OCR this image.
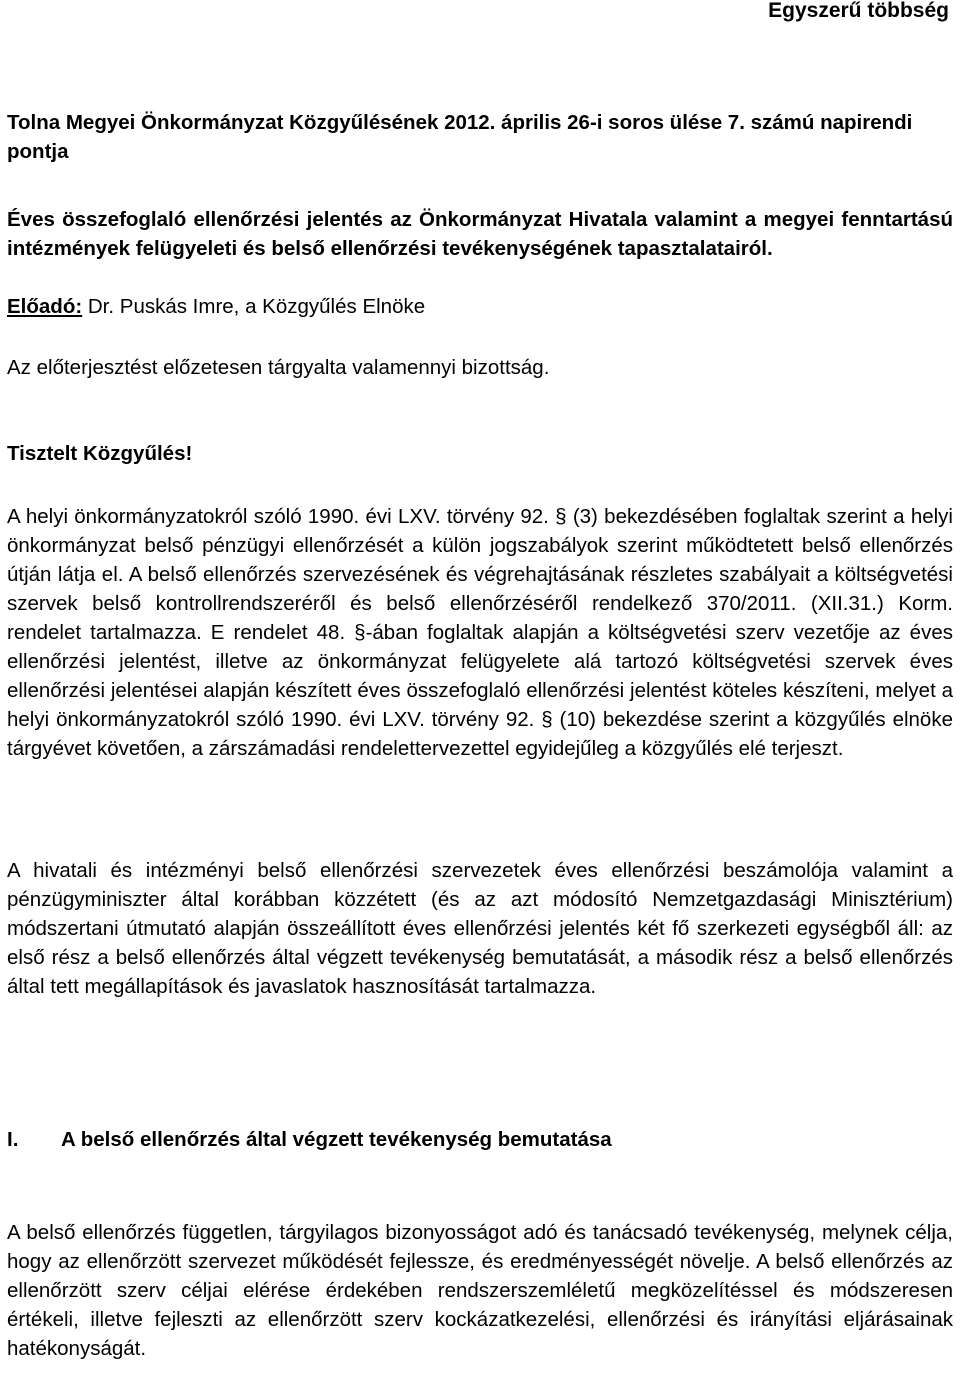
Egyszerű többség

Tolna Megyei Önkormányzat Közgyűlésének 2012. április 26-i soros ülése 7. számú napirendi pontja

Éves összefoglaló ellenőrzési jelentés az Önkormányzat Hivatala valamint a megyei fenntartású intézmények felügyeleti és belső ellenőrzési tevékenységének tapasztalatairól.

Előadó: Dr. Puskás Imre, a Közgyűlés Elnöke

Az előterjesztést előzetesen tárgyalta valamennyi bizottság.

Tisztelt Közgyűlés!

A helyi önkormányzatokról szóló 1990. évi LXV. törvény 92. § (3) bekezdésében foglaltak szerint a helyi önkormányzat belső pénzügyi ellenőrzését a külön jogszabályok szerint működtetett belső ellenőrzés útján látja el. A belső ellenőrzés szervezésének és végrehajtásának részletes szabályait a költségvetési szervek belső kontrollrendszeréről és belső ellenőrzéséről rendelkező 370/2011. (XII.31.) Korm. rendelet tartalmazza. E rendelet 48. §-ában foglaltak alapján a költségvetési szerv vezetője az éves ellenőrzési jelentést, illetve az önkormányzat felügyelete alá tartozó költségvetési szervek éves ellenőrzési jelentései alapján készített éves összefoglaló ellenőrzési jelentést köteles készíteni, melyet a helyi önkormányzatokról szóló 1990. évi LXV. törvény 92. § (10) bekezdése szerint a közgyűlés elnöke tárgyévet követően, a zárszámadási rendelettervezettel egyidejűleg a közgyűlés elé terjeszt.

A hivatali és intézményi belső ellenőrzési szervezetek éves ellenőrzési beszámolója valamint a pénzügyminiszter által korábban közzétett (és az azt módosító Nemzetgazdasági Minisztérium) módszertani útmutató alapján összeállított éves ellenőrzési jelentés két fő szerkezeti egységből áll: az első rész a belső ellenőrzés által végzett tevékenység bemutatását, a második rész a belső ellenőrzés által tett megállapítások és javaslatok hasznosítását tartalmazza.

I. A belső ellenőrzés által végzett tevékenység bemutatása

A belső ellenőrzés független, tárgyilagos bizonyosságot adó és tanácsadó tevékenység, melynek célja, hogy az ellenőrzött szervezet működését fejlessze, és eredményességét növelje. A belső ellenőrzés az ellenőrzött szerv céljai elérése érdekében rendszerszemléletű megközelítéssel és módszeresen értékeli, illetve fejleszti az ellenőrzött szerv kockázatkezelési, ellenőrzési és irányítási eljárásainak hatékonyságát.
